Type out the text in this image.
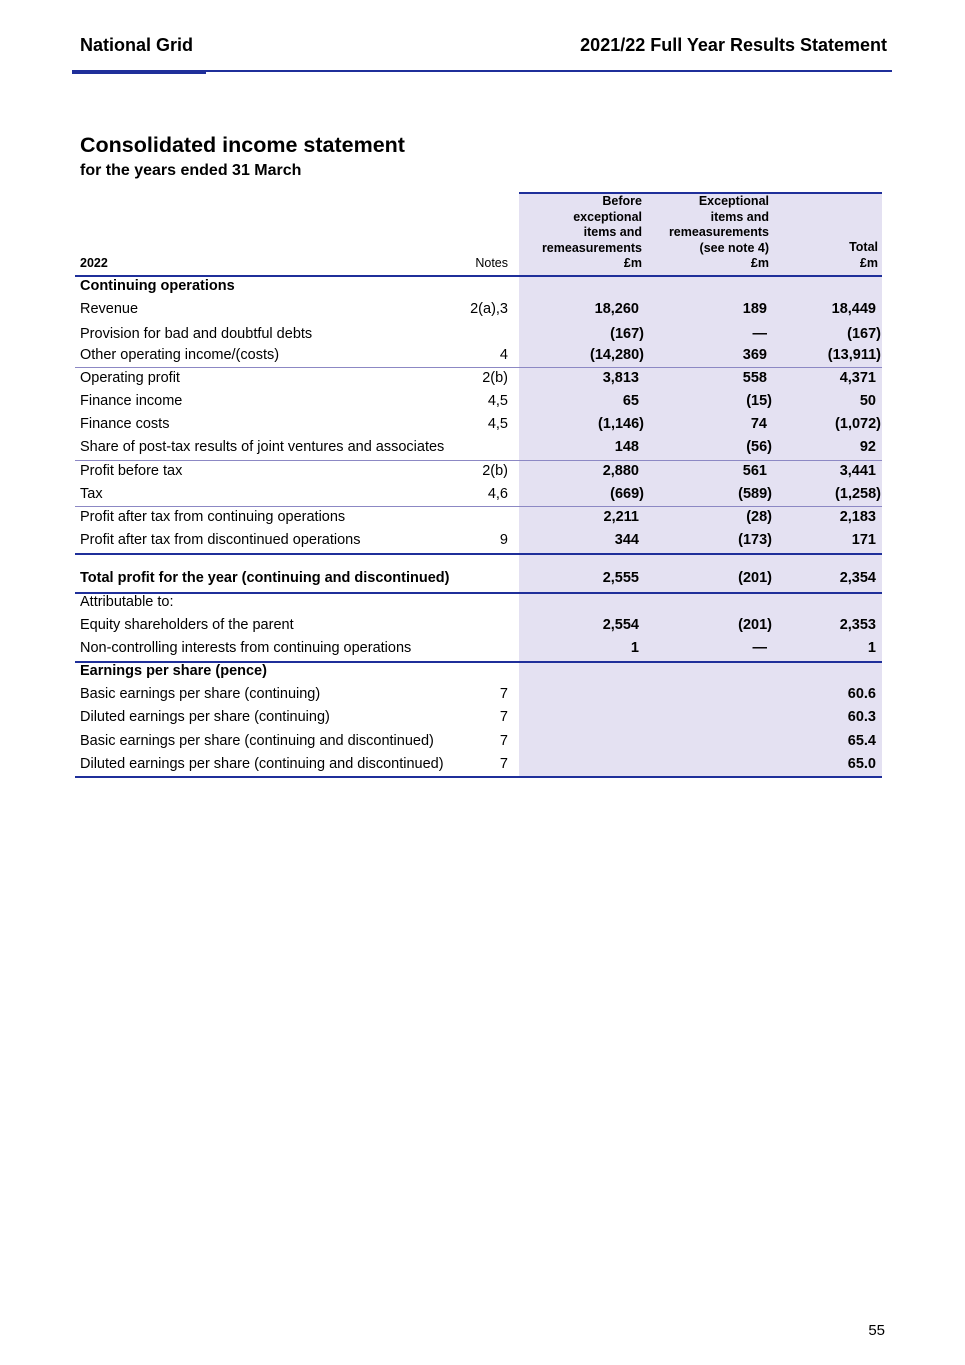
National Grid	2021/22 Full Year Results Statement
Consolidated income statement
for the years ended 31 March
2022	Notes
Before
exceptional
items and
remeasurements
£m
Exceptional
items and
remeasurements
(see note 4)
£m
Total
£m
Continuing operations
Revenue	2(a),3	18,260	189	18,449
Provision for bad and doubtful debts	(167)	—	(167)
Other operating income/(costs)	4	(14,280)	369	(13,911)
Operating profit	2(b)	3,813	558	4,371
Finance income	4,5	65	(15)	50
Finance costs	4,5	(1,146)	74	(1,072)
Share of post-tax results of joint ventures and associates	148	(56)	92
Profit before tax	2(b)	2,880	561	3,441
Tax	4,6	(669)	(589)	(1,258)
Profit after tax from continuing operations	2,211	(28)	2,183
Profit after tax from discontinued operations	9	344	(173)	171
Total profit for the year (continuing and discontinued)	2,555	(201)	2,354
Attributable to:
Equity shareholders of the parent	2,554	(201)	2,353
Non-controlling interests from continuing operations	1	—	1
Earnings per share (pence)
Basic earnings per share (continuing)	7	60.6
Diluted earnings per share (continuing)	7	60.3
Basic earnings per share (continuing and discontinued)	7	65.4
Diluted earnings per share (continuing and discontinued)	7	65.0
55
